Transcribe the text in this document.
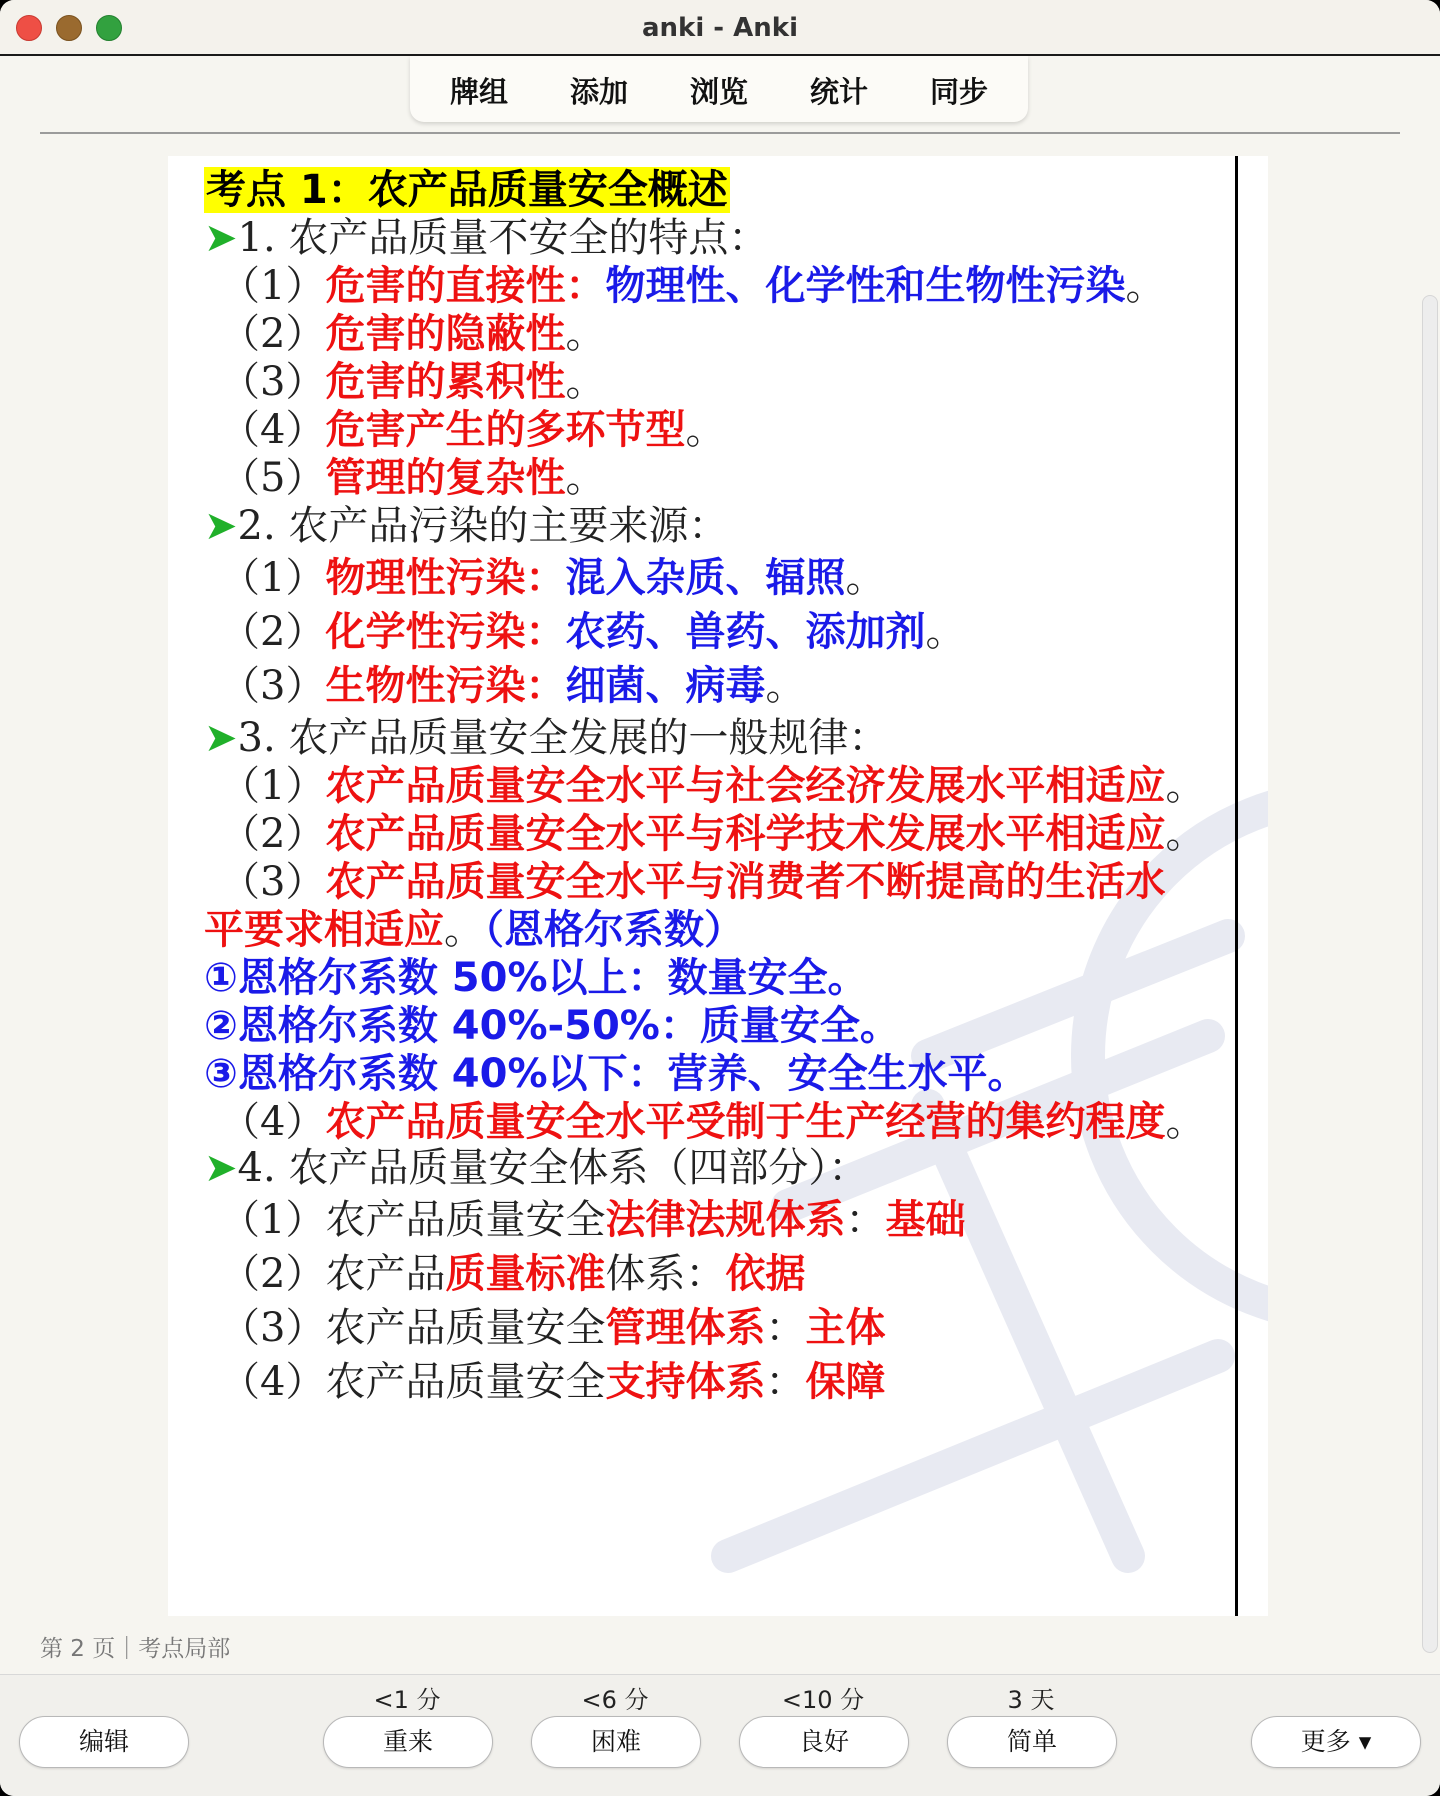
anki - Anki
牌组 添加 浏览 统计 同步
考点 1：农产品质量安全概述
➤1. 农产品质量不安全的特点：
（1）危害的直接性：物理性、化学性和生物性污染。
（2）危害的隐蔽性。
（3）危害的累积性。
（4）危害产生的多环节型。
（5）管理的复杂性。
➤2. 农产品污染的主要来源：
（1）物理性污染：混入杂质、辐照。
（2）化学性污染：农药、兽药、添加剂。
（3）生物性污染：细菌、病毒。
➤3. 农产品质量安全发展的一般规律：
（1）农产品质量安全水平与社会经济发展水平相适应。
（2）农产品质量安全水平与科学技术发展水平相适应。
（3）农产品质量安全水平与消费者不断提高的生活水
平要求相适应。（恩格尔系数）
①恩格尔系数 50%以上：数量安全。
②恩格尔系数 40%-50%：质量安全。
③恩格尔系数 40%以下：营养、安全生水平。
（4）农产品质量安全水平受制于生产经营的集约程度。
➤4. 农产品质量安全体系（四部分）：
（1）农产品质量安全法律法规体系：基础
（2）农产品质量标准体系：依据
（3）农产品质量安全管理体系：主体
（4）农产品质量安全支持体系：保障
第 2 页｜考点局部
<1 分	<6 分	<10 分	3 天
编辑	重来	困难	良好	简单	更多 ▾
